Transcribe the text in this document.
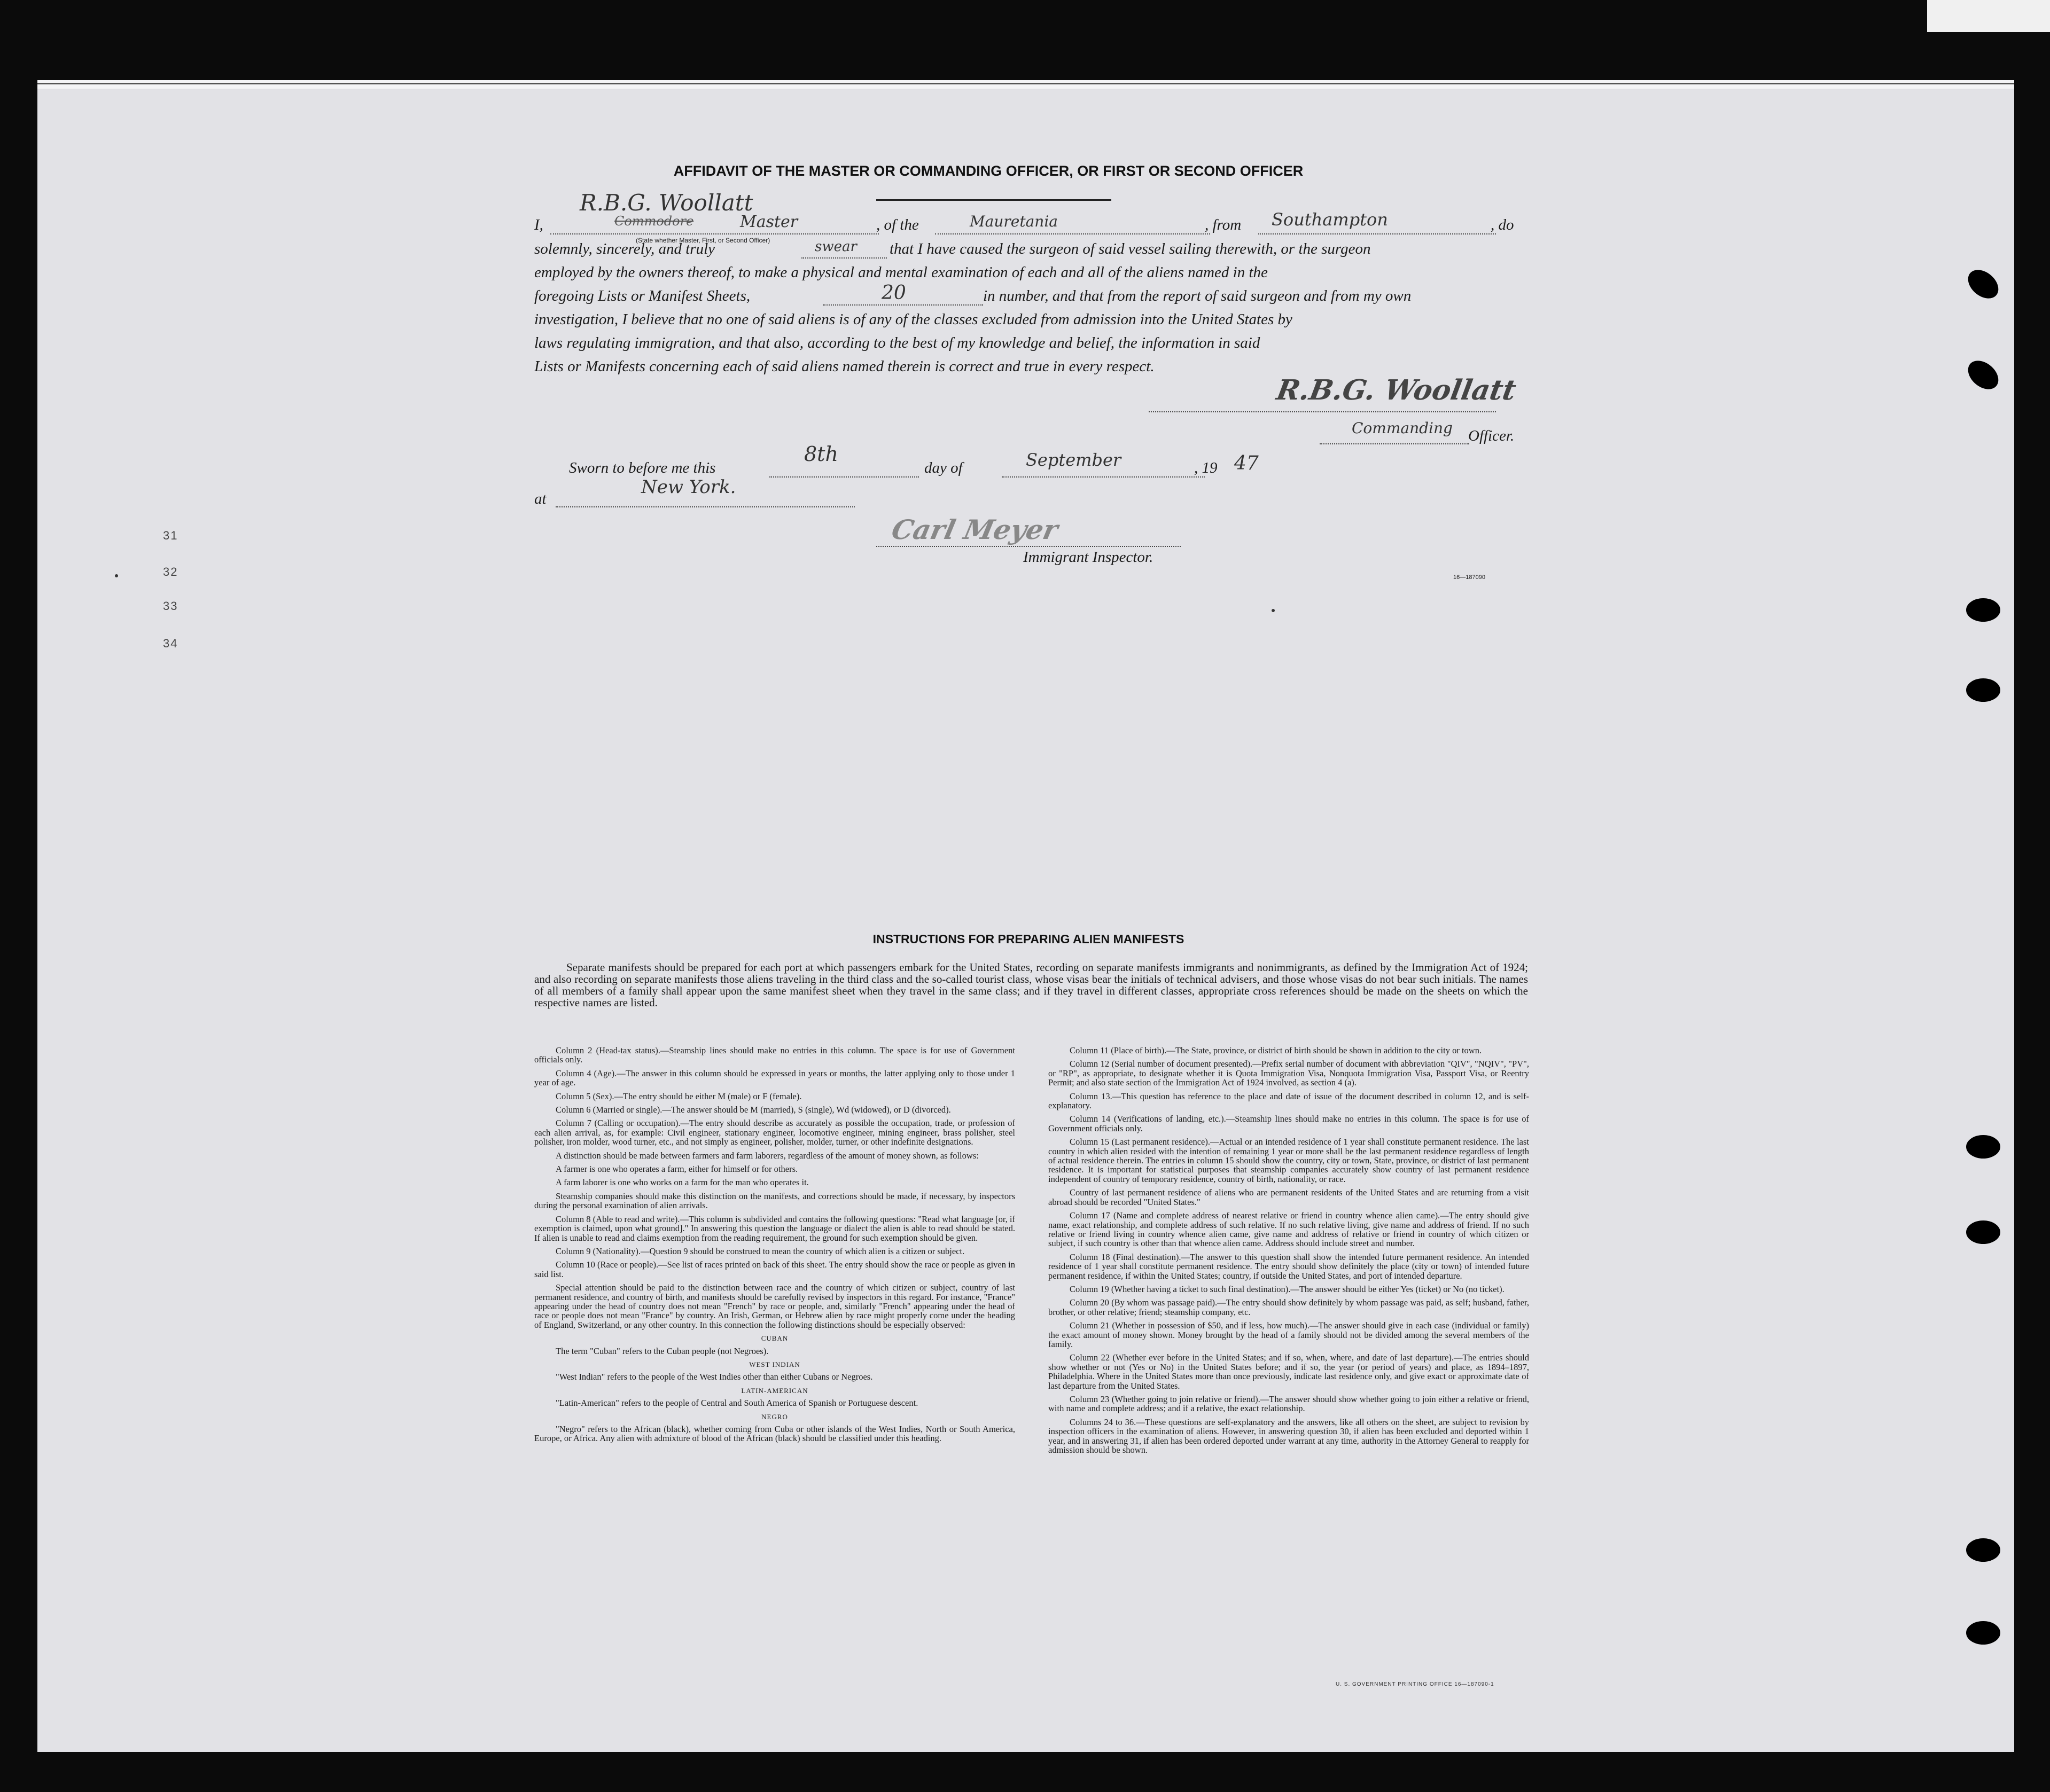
31
32
33
34
AFFIDAVIT OF THE MASTER OR COMMANDING OFFICER, OR FIRST OR SECOND OFFICER
R.B.G. Woollatt
I,	Commodore	Master
(State whether Master, First, or Second Officer)
, of the	Mauretania	, from Southampton	, do
solemnly, sincerely, and truly	swear that I have caused the surgeon of said vessel sailing therewith, or the surgeon
employed by the owners thereof, to make a physical and mental examination of each and all of the aliens named in the
foregoing Lists or Manifest Sheets,	20	in number, and that from the report of said surgeon and from my own
investigation, I believe that no one of said aliens is of any of the classes excluded from admission into the United States by
laws regulating immigration, and that also, according to the best of my knowledge and belief, the information in said
Lists or Manifests concerning each of said aliens named therein is correct and true in every respect.
R.B.G. Woollatt
Commanding Officer.
Sworn to before me this
8th
day of	September	, 19 47
at
New York.
Carl Meyer
Immigrant Inspector.
16—187090
INSTRUCTIONS FOR PREPARING ALIEN MANIFESTS
Separate manifests should be prepared for each port at which passengers embark for the United States, recording on separate manifests immigrants and nonimmigrants, as defined by the Immigration Act of 1924; and also recording on separate manifests those aliens traveling in the third class and the so-called tourist class, whose visas bear the initials of technical advisers, and those whose visas do not bear such initials. The names of all members of a family shall appear upon the same manifest sheet when they travel in the same class; and if they travel in different classes, appropriate cross references should be made on the sheets on which the respective names are listed.

Column 2 (Head-tax status).—Steamship lines should make no entries in this column. The space is for use of Government officials only.

Column 4 (Age).—The answer in this column should be expressed in years or months, the latter applying only to those under 1 year of age.

Column 5 (Sex).—The entry should be either M (male) or F (female).

Column 6 (Married or single).—The answer should be M (married), S (single), Wd (widowed), or D (divorced).

Column 7 (Calling or occupation).—The entry should describe as accurately as possible the occupation, trade, or profession of each alien arrival, as, for example: Civil engineer, stationary engineer, locomotive engineer, mining engineer, brass polisher, steel polisher, iron molder, wood turner, etc., and not simply as engineer, polisher, molder, turner, or other indefinite designations.

A distinction should be made between farmers and farm laborers, regardless of the amount of money shown, as follows:

A farmer is one who operates a farm, either for himself or for others.

A farm laborer is one who works on a farm for the man who operates it.

Steamship companies should make this distinction on the manifests, and corrections should be made, if necessary, by inspectors during the personal examination of alien arrivals.

Column 8 (Able to read and write).—This column is subdivided and contains the following questions: "Read what language [or, if exemption is claimed, upon what ground]." In answering this question the language or dialect the alien is able to read should be stated. If alien is unable to read and claims exemption from the reading requirement, the ground for such exemption should be given.

Column 9 (Nationality).—Question 9 should be construed to mean the country of which alien is a citizen or subject.

Column 10 (Race or people).—See list of races printed on back of this sheet. The entry should show the race or people as given in said list.

Special attention should be paid to the distinction between race and the country of which citizen or subject, country of last permanent residence, and country of birth, and manifests should be carefully revised by inspectors in this regard. For instance, "France" appearing under the head of country does not mean "French" by race or people, and, similarly "French" appearing under the head of race or people does not mean "France" by country. An Irish, German, or Hebrew alien by race might properly come under the heading of England, Switzerland, or any other country. In this connection the following distinctions should be especially observed:

CUBAN

The term "Cuban" refers to the Cuban people (not Negroes).

WEST INDIAN

"West Indian" refers to the people of the West Indies other than either Cubans or Negroes.

LATIN-AMERICAN

"Latin-American" refers to the people of Central and South America of Spanish or Portuguese descent.

NEGRO

"Negro" refers to the African (black), whether coming from Cuba or other islands of the West Indies, North or South America, Europe, or Africa. Any alien with admixture of blood of the African (black) should be classified under this heading.

Column 11 (Place of birth).—The State, province, or district of birth should be shown in addition to the city or town.

Column 12 (Serial number of document presented).—Prefix serial number of document with abbreviation "QIV", "NQIV", "PV", or "RP", as appropriate, to designate whether it is Quota Immigration Visa, Nonquota Immigration Visa, Passport Visa, or Reentry Permit; and also state section of the Immigration Act of 1924 involved, as section 4 (a).

Column 13.—This question has reference to the place and date of issue of the document described in column 12, and is self-explanatory.

Column 14 (Verifications of landing, etc.).—Steamship lines should make no entries in this column. The space is for use of Government officials only.

Column 15 (Last permanent residence).—Actual or an intended residence of 1 year shall constitute permanent residence. The last country in which alien resided with the intention of remaining 1 year or more shall be the last permanent residence regardless of length of actual residence therein. The entries in column 15 should show the country, city or town, State, province, or district of last permanent residence. It is important for statistical purposes that steamship companies accurately show country of last permanent residence independent of country of temporary residence, country of birth, nationality, or race.

Country of last permanent residence of aliens who are permanent residents of the United States and are returning from a visit abroad should be recorded "United States."

Column 17 (Name and complete address of nearest relative or friend in country whence alien came).—The entry should give name, exact relationship, and complete address of such relative. If no such relative living, give name and address of friend. If no such relative or friend living in country whence alien came, give name and address of relative or friend in country of which citizen or subject, if such country is other than that whence alien came. Address should include street and number.

Column 18 (Final destination).—The answer to this question shall show the intended future permanent residence. An intended residence of 1 year shall constitute permanent residence. The entry should show definitely the place (city or town) of intended future permanent residence, if within the United States; country, if outside the United States, and port of intended departure.

Column 19 (Whether having a ticket to such final destination).—The answer should be either Yes (ticket) or No (no ticket).

Column 20 (By whom was passage paid).—The entry should show definitely by whom passage was paid, as self; husband, father, brother, or other relative; friend; steamship company, etc.

Column 21 (Whether in possession of $50, and if less, how much).—The answer should give in each case (individual or family) the exact amount of money shown. Money brought by the head of a family should not be divided among the several members of the family.

Column 22 (Whether ever before in the United States; and if so, when, where, and date of last departure).—The entries should show whether or not (Yes or No) in the United States before; and if so, the year (or period of years) and place, as 1894–1897, Philadelphia. Where in the United States more than once previously, indicate last residence only, and give exact or approximate date of last departure from the United States.

Column 23 (Whether going to join relative or friend).—The answer should show whether going to join either a relative or friend, with name and complete address; and if a relative, the exact relationship.

Columns 24 to 36.—These questions are self-explanatory and the answers, like all others on the sheet, are subject to revision by inspection officers in the examination of aliens. However, in answering question 30, if alien has been excluded and deported within 1 year, and in answering 31, if alien has been ordered deported under warrant at any time, authority in the Attorney General to reapply for admission should be shown.

U. S. GOVERNMENT PRINTING OFFICE 16—187090-1
